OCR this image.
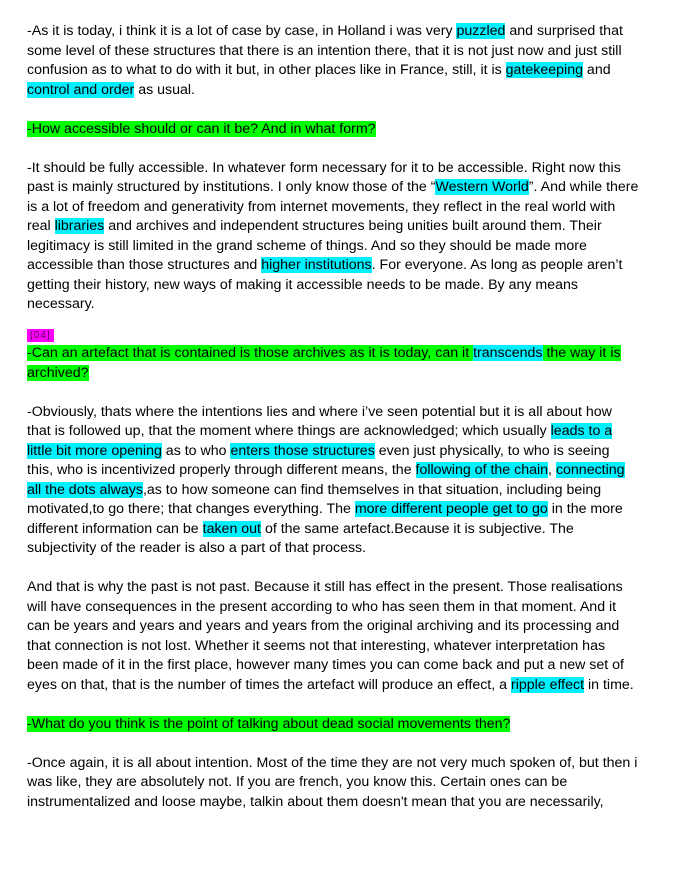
-As it is today, i think it is a lot of case by case, in Holland i was very puzzled and surprised that some level of these structures that there is an intention there, that it is not just now and just still confusion as to what to do with it but, in other places like in France, still, it is gatekeeping and control and order as usual.

-How accessible should or can it be? And in what form?

-It should be fully accessible. In whatever form necessary for it to be accessible. Right now this past is mainly structured by institutions. I only know those of the “Western World”. And while there is a lot of freedom and generativity from internet movements, they reflect in the real world with real libraries and archives and independent structures being unities built around them. Their legitimacy is still limited in the grand scheme of things. And so they should be made more accessible than those structures and higher institutions. For everyone. As long as people aren’t getting their history, new ways of making it accessible needs to be made. By any means necessary.

[04]

-Can an artefact that is contained is those archives as it is today, can it transcends the way it is archived?

-Obviously, thats where the intentions lies and where i’ve seen potential but it is all about how that is followed up, that the moment where things are acknowledged; which usually leads to a little bit more opening as to who enters those structures even just physically, to who is seeing this, who is incentivized properly through different means, the following of the chain, connecting all the dots always,as to how someone can find themselves in that situation, including being motivated,to go there; that changes everything. The more different people get to go in the more different information can be taken out of the same artefact.Because it is subjective. The subjectivity of the reader is also a part of that process.

And that is why the past is not past. Because it still has effect in the present. Those realisations will have consequences in the present according to who has seen them in that moment. And it can be years and years and years and years from the original archiving and its processing and that connection is not lost. Whether it seems not that interesting, whatever interpretation has been made of it in the first place, however many times you can come back and put a new set of eyes on that, that is the number of times the artefact will produce an effect, a ripple effect in time.

-What do you think is the point of talking about dead social movements then?

-Once again, it is all about intention. Most of the time they are not very much spoken of, but then i was like, they are absolutely not. If you are french, you know this. Certain ones can be instrumentalized and loose maybe, talkin about them doesn't mean that you are necessarily,
